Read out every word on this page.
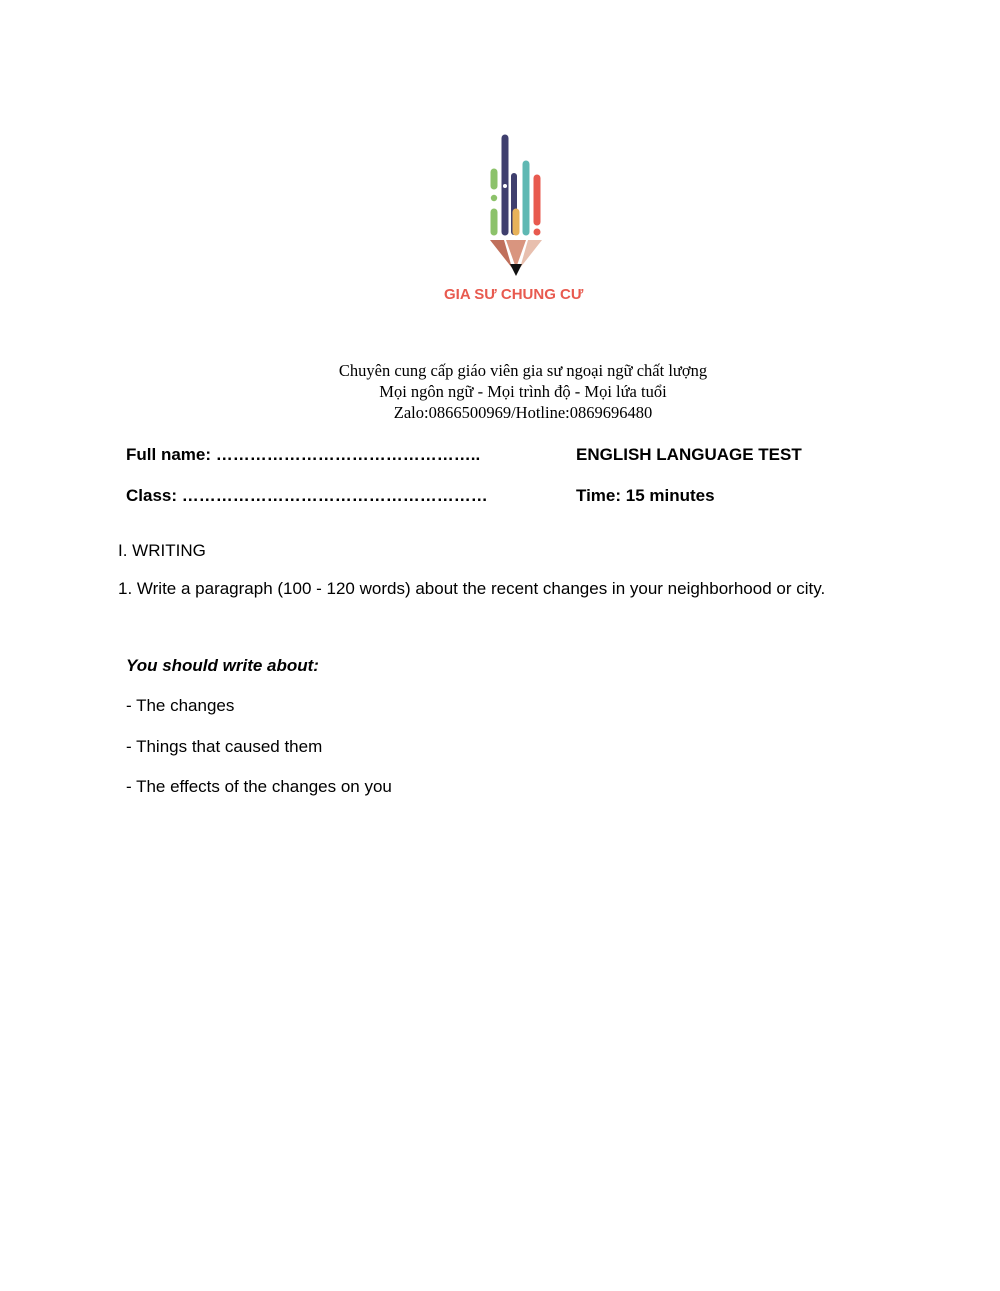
GIA SƯ CHUNG CƯ
Chuyên cung cấp giáo viên gia sư ngoại ngữ chất lượng
Mọi ngôn ngữ - Mọi trình độ - Mọi lứa tuổi
Zalo:0866500969/Hotline:0869696480
Full name: ………………………………………..	ENGLISH LANGUAGE TEST
Class: ………………………………………………	Time: 15 minutes
I. WRITING
1. Write a paragraph (100 - 120 words) about the recent changes in your neighborhood or city.
You should write about:
- The changes
- Things that caused them
- The effects of the changes on you
